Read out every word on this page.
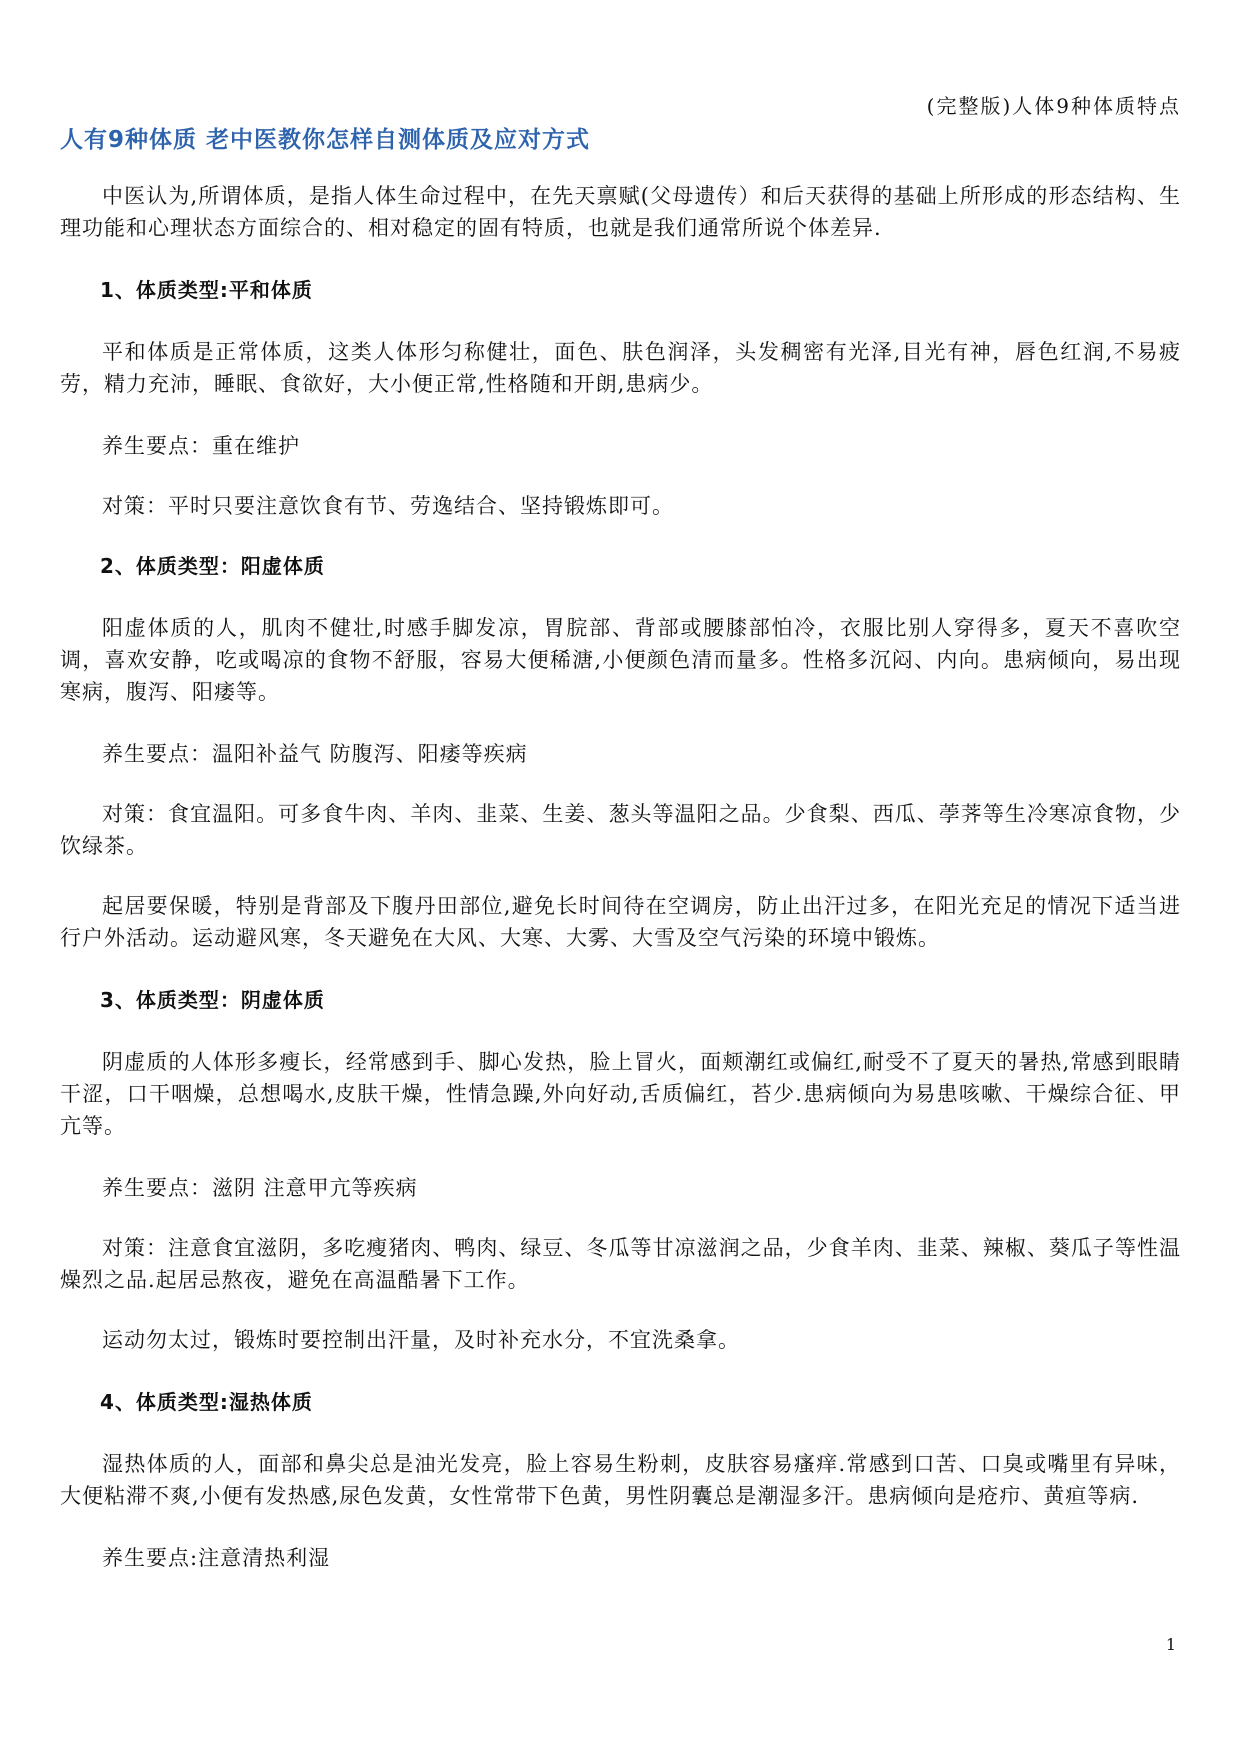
(完整版)人体9种体质特点
人有9种体质 老中医教你怎样自测体质及应对方式

中医认为,所谓体质，是指人体生命过程中，在先天禀赋(父母遗传）和后天获得的基础上所形成的形态结构、生理功能和心理状态方面综合的、相对稳定的固有特质，也就是我们通常所说个体差异.

1、体质类型:平和体质

平和体质是正常体质，这类人体形匀称健壮，面色、肤色润泽，头发稠密有光泽,目光有神，唇色红润,不易疲劳，精力充沛，睡眠、食欲好，大小便正常,性格随和开朗,患病少。

养生要点：重在维护

对策：平时只要注意饮食有节、劳逸结合、坚持锻炼即可。

2、体质类型：阳虚体质

阳虚体质的人，肌肉不健壮,时感手脚发凉，胃脘部、背部或腰膝部怕冷，衣服比别人穿得多，夏天不喜吹空调，喜欢安静，吃或喝凉的食物不舒服，容易大便稀溏,小便颜色清而量多。性格多沉闷、内向。患病倾向，易出现寒病，腹泻、阳痿等。

养生要点：温阳补益气 防腹泻、阳痿等疾病

对策：食宜温阳。可多食牛肉、羊肉、韭菜、生姜、葱头等温阳之品。少食梨、西瓜、荸荠等生冷寒凉食物，少饮绿茶。

起居要保暖，特别是背部及下腹丹田部位,避免长时间待在空调房，防止出汗过多，在阳光充足的情况下适当进行户外活动。运动避风寒，冬天避免在大风、大寒、大雾、大雪及空气污染的环境中锻炼。

3、体质类型：阴虚体质

阴虚质的人体形多瘦长，经常感到手、脚心发热，脸上冒火，面颊潮红或偏红,耐受不了夏天的暑热,常感到眼睛干涩，口干咽燥，总想喝水,皮肤干燥，性情急躁,外向好动,舌质偏红，苔少.患病倾向为易患咳嗽、干燥综合征、甲亢等。

养生要点：滋阴 注意甲亢等疾病

对策：注意食宜滋阴，多吃瘦猪肉、鸭肉、绿豆、冬瓜等甘凉滋润之品，少食羊肉、韭菜、辣椒、葵瓜子等性温燥烈之品.起居忌熬夜，避免在高温酷暑下工作。

运动勿太过，锻炼时要控制出汗量，及时补充水分，不宜洗桑拿。

4、体质类型:湿热体质

湿热体质的人，面部和鼻尖总是油光发亮，脸上容易生粉刺，皮肤容易瘙痒.常感到口苦、口臭或嘴里有异味，大便粘滞不爽,小便有发热感,尿色发黄，女性常带下色黄，男性阴囊总是潮湿多汗。患病倾向是疮疖、黄疸等病.

养生要点:注意清热利湿

1
